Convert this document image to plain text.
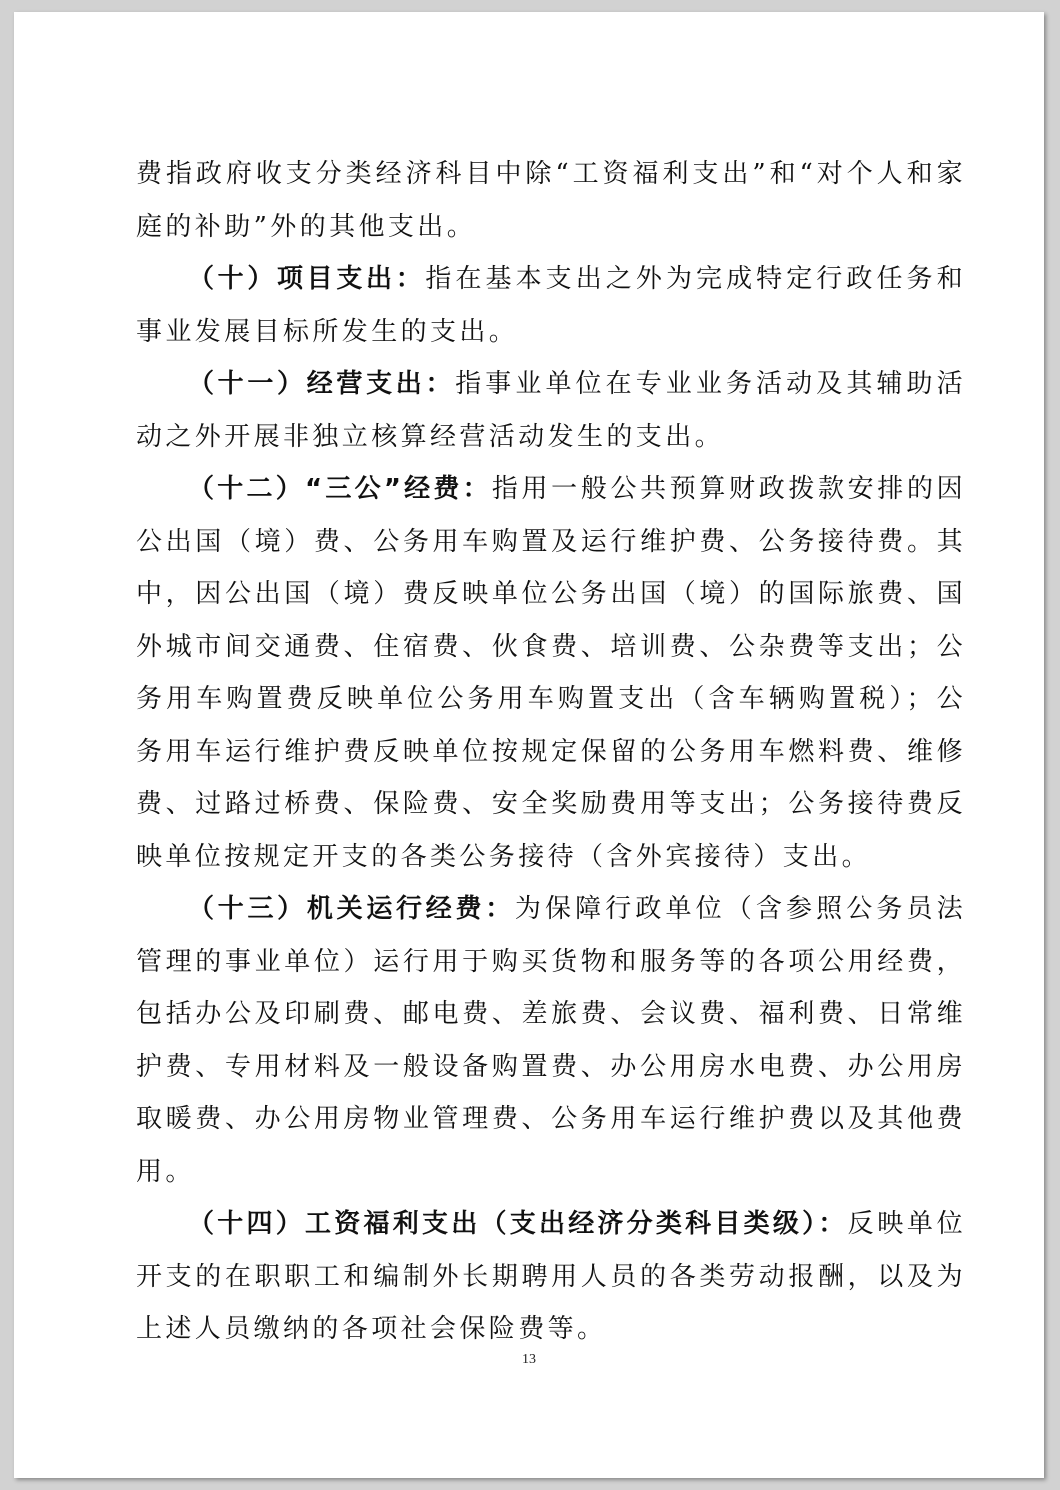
费指政府收支分类经济科目中除“工资福利支出”和“对个人和家庭的补助”外的其他支出。

（十）项目支出：指在基本支出之外为完成特定行政任务和事业发展目标所发生的支出。

（十一）经营支出：指事业单位在专业业务活动及其辅助活动之外开展非独立核算经营活动发生的支出。

（十二）“三公”经费：指用一般公共预算财政拨款安排的因公出国（境）费、公务用车购置及运行维护费、公务接待费。其中，因公出国（境）费反映单位公务出国（境）的国际旅费、国外城市间交通费、住宿费、伙食费、培训费、公杂费等支出；公务用车购置费反映单位公务用车购置支出（含车辆购置税）；公务用车运行维护费反映单位按规定保留的公务用车燃料费、维修费、过路过桥费、保险费、安全奖励费用等支出；公务接待费反映单位按规定开支的各类公务接待（含外宾接待）支出。

（十三）机关运行经费：为保障行政单位（含参照公务员法管理的事业单位）运行用于购买货物和服务等的各项公用经费，包括办公及印刷费、邮电费、差旅费、会议费、福利费、日常维护费、专用材料及一般设备购置费、办公用房水电费、办公用房取暖费、办公用房物业管理费、公务用车运行维护费以及其他费用。

（十四）工资福利支出（支出经济分类科目类级）：反映单位开支的在职职工和编制外长期聘用人员的各类劳动报酬，以及为上述人员缴纳的各项社会保险费等。

13
